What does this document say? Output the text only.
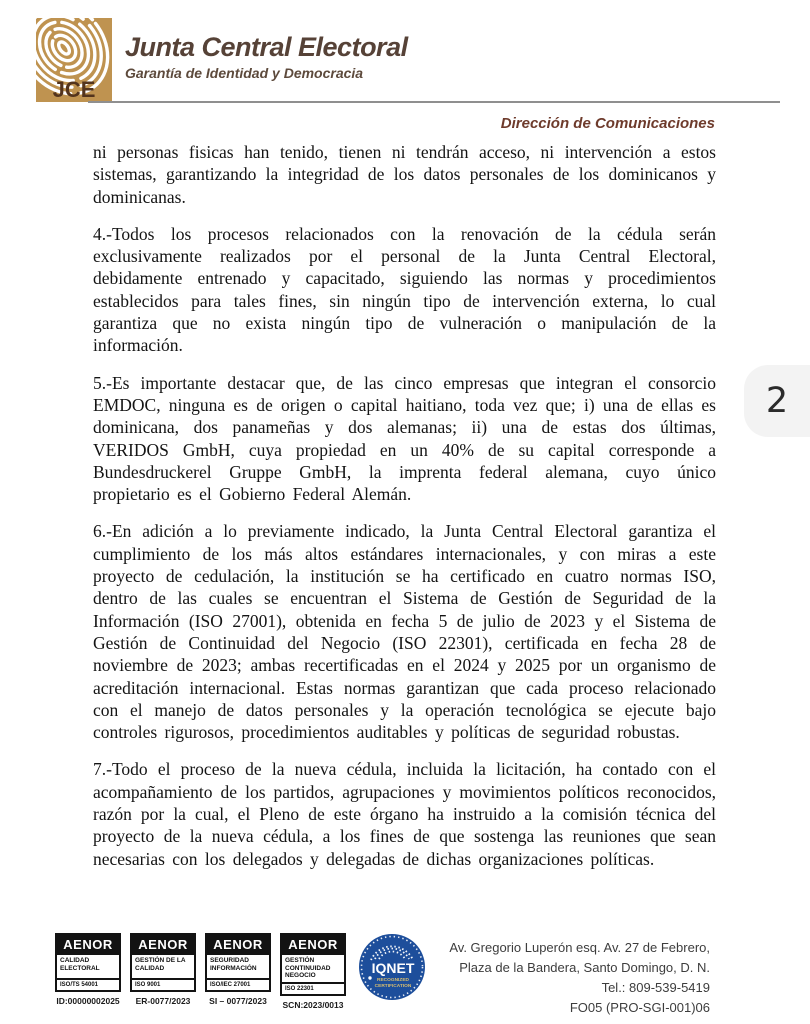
JCE
Junta Central Electoral
Garantía de Identidad y Democracia
Dirección de Comunicaciones

ni personas fisicas han tenido, tienen ni tendrán acceso, ni intervención a estos sistemas, garantizando la integridad de los datos personales de los dominicanos y dominicanas.

4.-Todos los procesos relacionados con la renovación de la cédula serán exclusivamente realizados por el personal de la Junta Central Electoral, debidamente entrenado y capacitado, siguiendo las normas y procedimientos establecidos para tales fines, sin ningún tipo de intervención externa, lo cual garantiza que no exista ningún tipo de vulneración o manipulación de la información.

5.-Es importante destacar que, de las cinco empresas que integran el consorcio EMDOC, ninguna es de origen o capital haitiano, toda vez que; i) una de ellas es dominicana, dos panameñas y dos alemanas; ii) una de estas dos últimas, VERIDOS GmbH, cuya propiedad en un 40% de su capital corresponde a Bundesdruckerel Gruppe GmbH, la imprenta federal alemana, cuyo único propietario es el Gobierno Federal Alemán.

6.-En adición a lo previamente indicado, la Junta Central Electoral garantiza el cumplimiento de los más altos estándares internacionales, y con miras a este proyecto de cedulación, la institución se ha certificado en cuatro normas ISO, dentro de las cuales se encuentran el Sistema de Gestión de Seguridad de la Información (ISO 27001), obtenida en fecha 5 de julio de 2023 y el Sistema de Gestión de Continuidad del Negocio (ISO 22301), certificada en fecha 28 de noviembre de 2023; ambas recertificadas en el 2024 y 2025 por un organismo de acreditación internacional. Estas normas garantizan que cada proceso relacionado con el manejo de datos personales y la operación tecnológica se ejecute bajo controles rigurosos, procedimientos auditables y políticas de seguridad robustas.

7.-Todo el proceso de la nueva cédula, incluida la licitación, ha contado con el acompañamiento de los partidos, agrupaciones y movimientos políticos reconocidos, razón por la cual, el Pleno de este órgano ha instruido a la comisión técnica del proyecto de la nueva cédula, a los fines de que sostenga las reuniones que sean necesarias con los delegados y delegadas de dichas organizaciones políticas.

2
AENOR
CALIDAD ELECTORAL
ISO/TS 54001
ID:00000002025
AENOR
GESTIÓN DE LA CALIDAD
ISO 9001
ER-0077/2023
AENOR
SEGURIDAD INFORMACIÓN
ISO/IEC 27001
SI – 0077/2023
AENOR
GESTIÓN CONTINUIDAD NEGOCIO
ISO 22301
SCN:2023/0013
IQNET
RECOGNIZED
CERTIFICATION
Av. Gregorio Luperón esq. Av. 27 de Febrero,
Plaza de la Bandera, Santo Domingo, D. N.
Tel.: 809-539-5419
FO05 (PRO-SGI-001)06
